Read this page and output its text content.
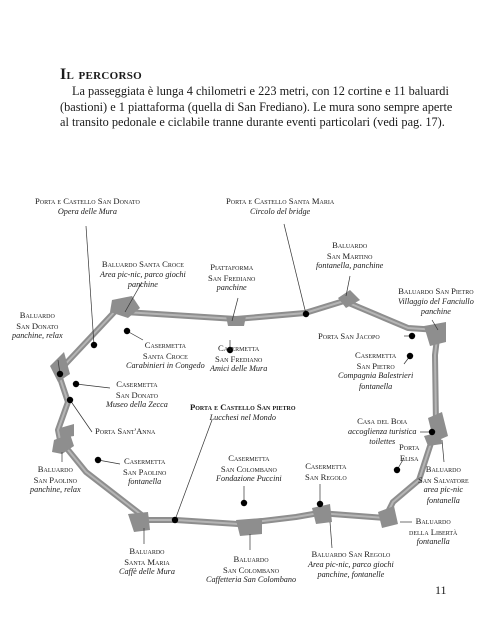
Il percorso

La passeggiata è lunga 4 chilometri e 223 metri, con 12 cortine e 11 baluardi (bastioni) e 1 piattaforma (quella di San Frediano). Le mura sono sempre aperte al transito pedonale e ciclabile tranne durante eventi particolari (vedi pag. 17).

Porta e Castello San Donato
Opera delle Mura
Porta e Castello Santa Maria
Circolo del bridge
Baluardo Santa Croce
Area pic-nic, parco giochi
panchine
Piattaforma
San Frediano
panchine
Baluardo
San Martino
fontanella, panchine
Baluardo San Pietro
Villaggio del Fanciullo
panchine
Baluardo
San Donato
panchine, relax
Casermetta
Santa Croce
Carabinieri in Congedo
Casermetta
San Frediano
Amici delle Mura
Porta San Jacopo
Casermetta
San Pietro
Compagnia Balestrieri
fontanella
Casermetta
San Donato
Museo della Zecca
Porta Sant'Anna
Porta e Castello San pietro
Lucchesi nel Mondo	Casa del Boia
accoglienza turistica
toilettes
Porta
Elisa
Casermetta
San Paolino
fontanella
Casermetta
San Colombano
Fondazione Puccini
Casermetta
San Regolo
Baluardo
San Salvatore
area pic-nic
fontanella
Baluardo
San Paolino
panchine, relax
Baluardo
della Libertà
fontanella
Baluardo
Santa Maria
Caffè delle Mura
Baluardo
San Colombano
Caffetteria San Colombano
Baluardo San Regolo
Area pic-nic, parco giochi
panchine, fontanelle
11
